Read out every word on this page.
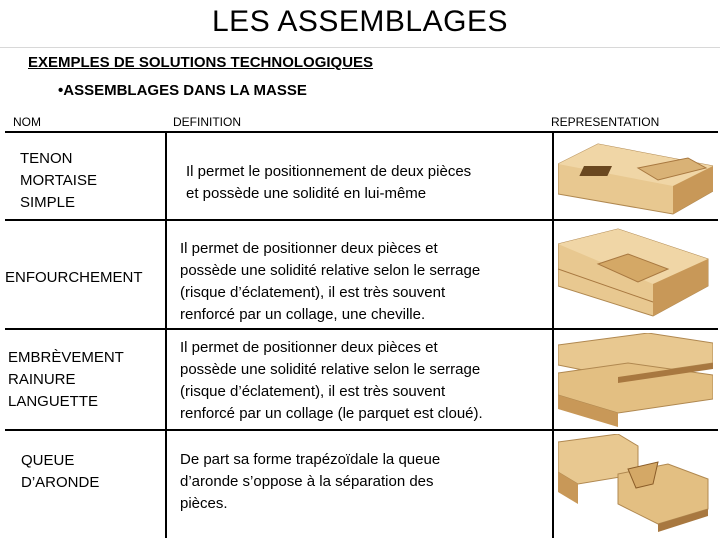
LES ASSEMBLAGES
EXEMPLES DE SOLUTIONS TECHNOLOGIQUES
•ASSEMBLAGES DANS LA MASSE
NOM	DEFINITION	REPRESENTATION
TENON
MORTAISE
SIMPLE
Il permet le positionnement de deux pièces
et possède une solidité en lui-même
ENFOURCHEMENT
Il permet de positionner deux pièces et
possède une solidité relative selon le serrage
(risque d’éclatement), il est très souvent
renforcé par un collage, une cheville.
EMBRÈVEMENT
RAINURE
LANGUETTE
Il permet de positionner deux pièces et
possède une solidité relative selon le serrage
(risque d’éclatement), il est très souvent
renforcé par un collage (le parquet est cloué).
QUEUE
D’ARONDE
De part sa forme trapézoïdale la queue
d’aronde s’oppose à la séparation des
pièces.
